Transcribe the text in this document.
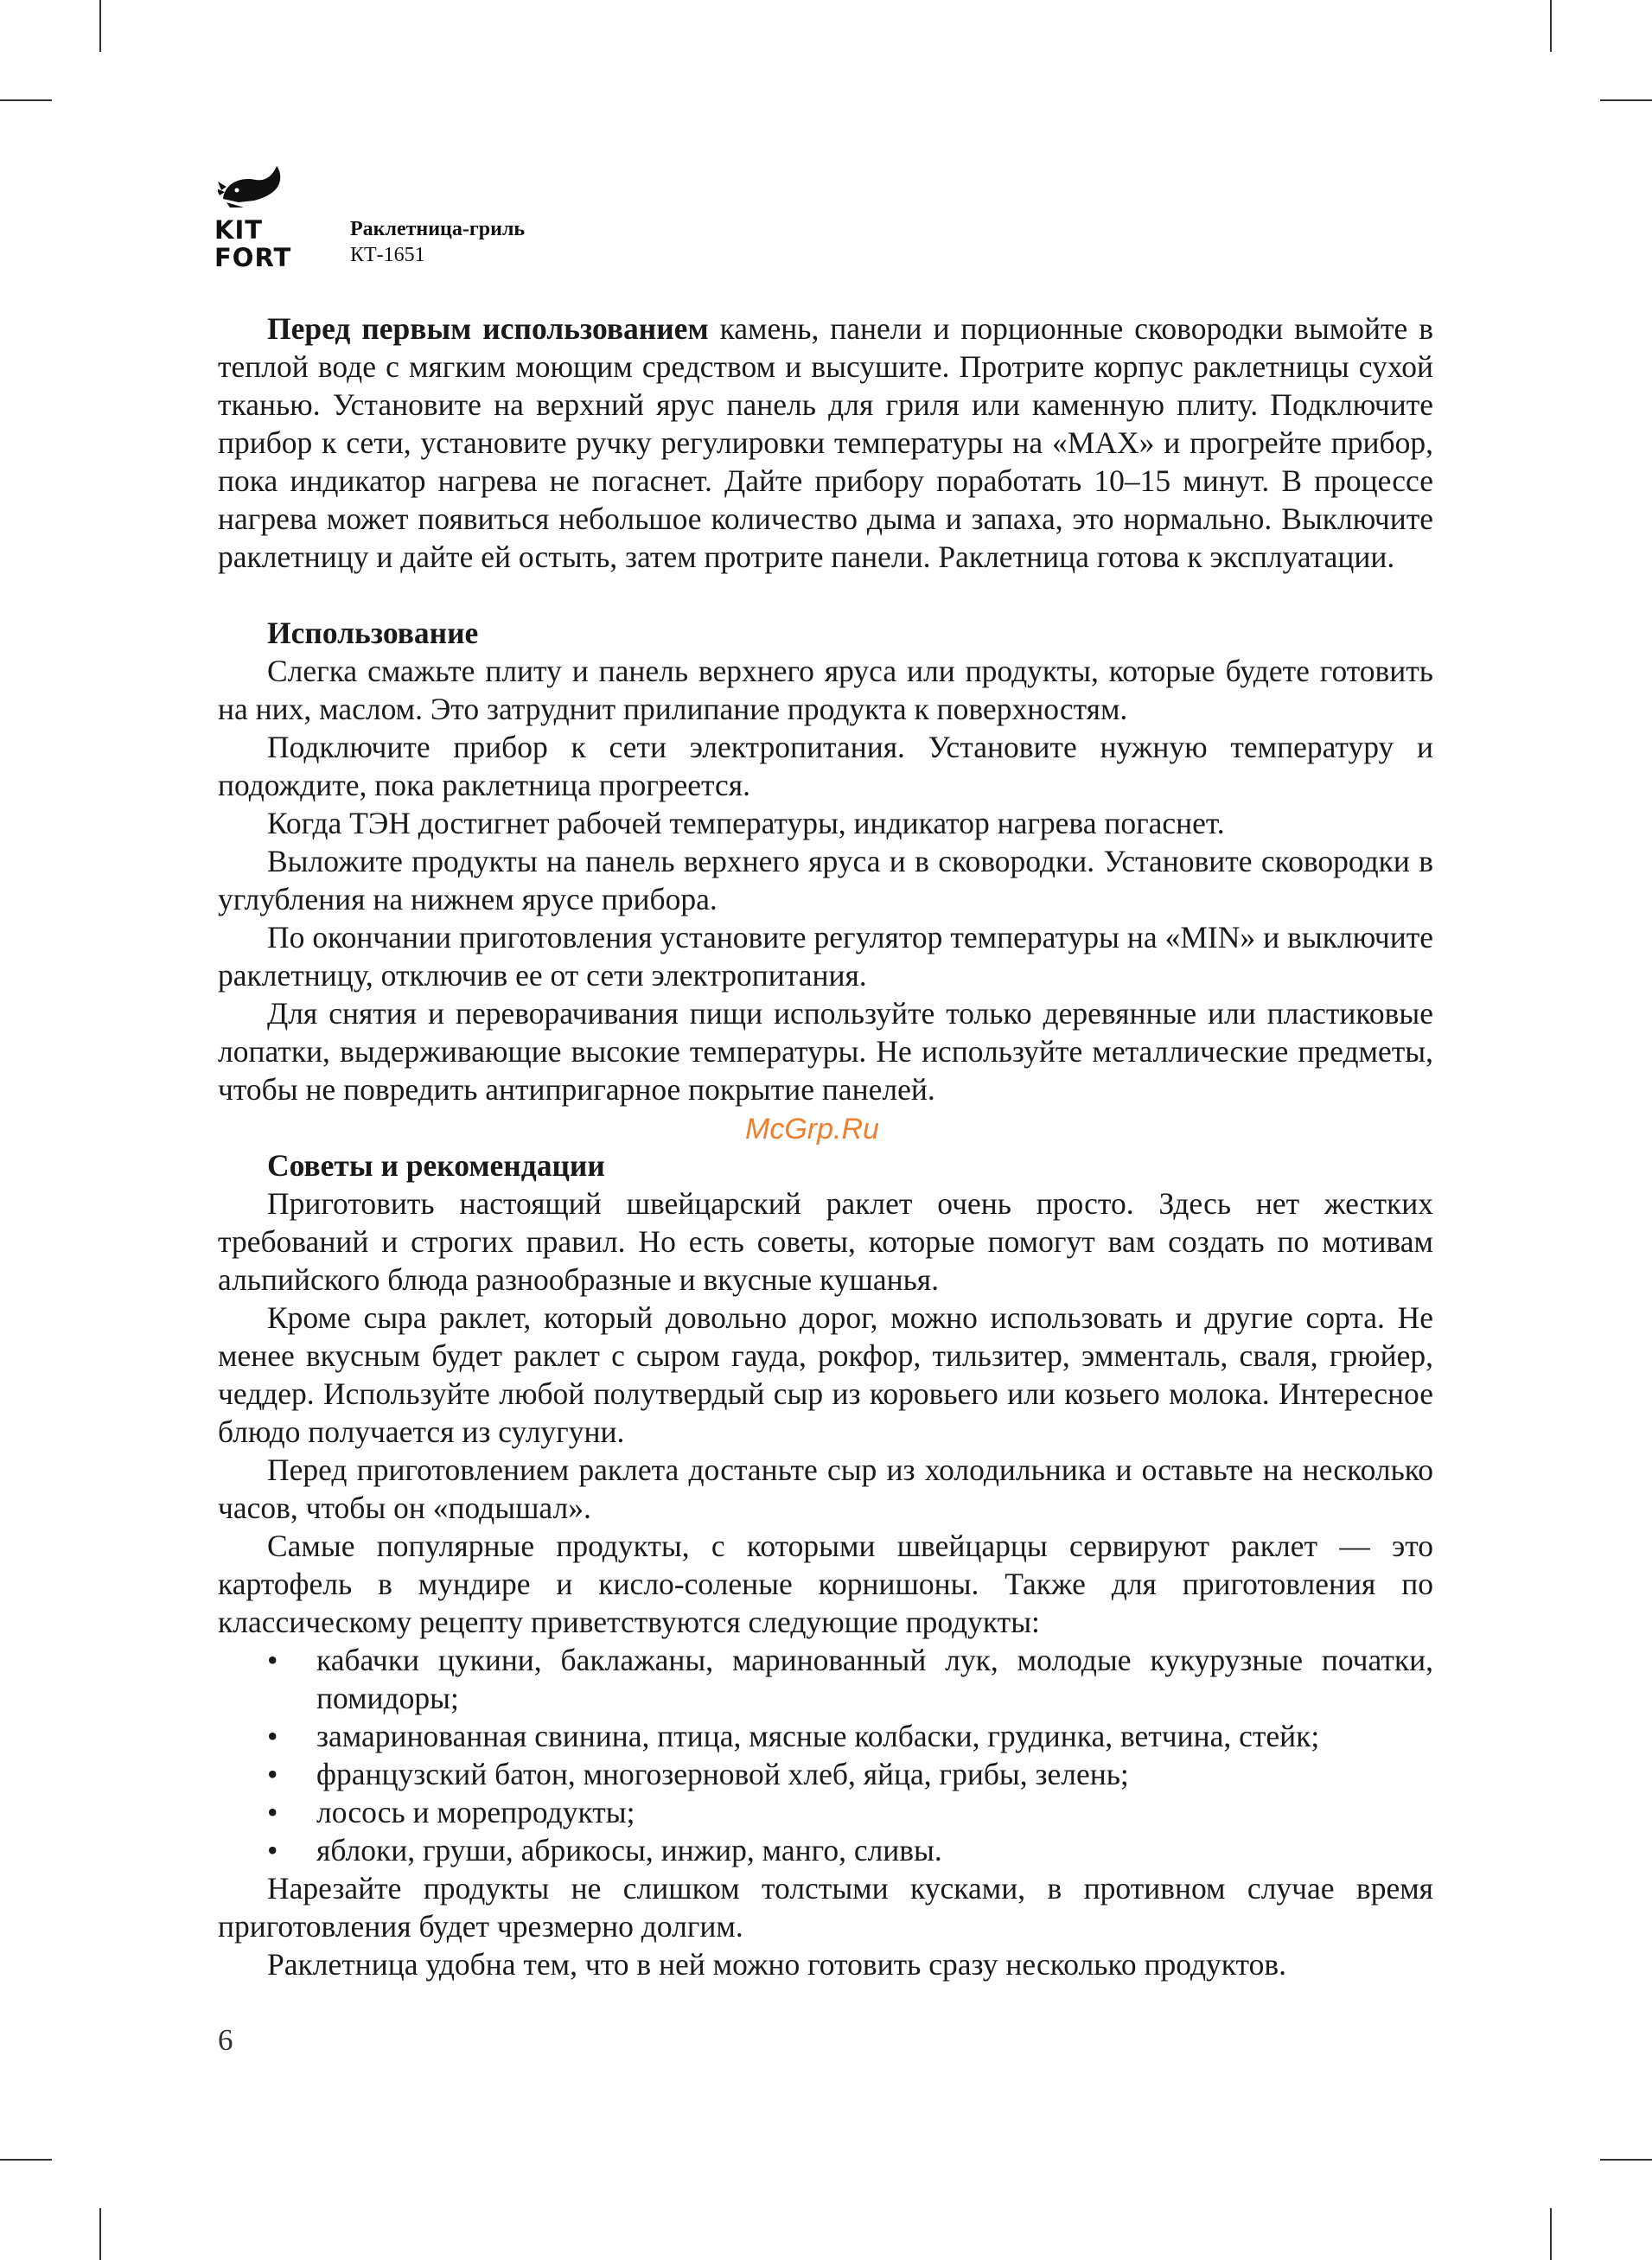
KIT
FORT
Раклетница-гриль
КТ-1651

Перед первым использованием камень, панели и порционные сковородки вымойте в теплой воде с мягким моющим средством и высушите. Протрите корпус раклетницы сухой тканью. Установите на верхний ярус панель для гриля или каменную плиту. Подключите прибор к сети, установите ручку регулировки температуры на «MAX» и прогрейте прибор, пока индикатор нагрева не погаснет. Дайте прибору поработать 10–15 минут. В процессе нагрева может появиться небольшое количество дыма и запаха, это нормально. Выключите раклетницу и дайте ей остыть, затем протрите панели. Раклетница готова к эксплуатации.

Использование

Слегка смажьте плиту и панель верхнего яруса или продукты, которые будете готовить на них, маслом. Это затруднит прилипание продукта к поверхностям.

Подключите прибор к сети электропитания. Установите нужную температуру и подождите, пока раклетница прогреется.

Когда ТЭН достигнет рабочей температуры, индикатор нагрева погаснет.

Выложите продукты на панель верхнего яруса и в сковородки. Установите сковородки в углубления на нижнем ярусе прибора.

По окончании приготовления установите регулятор температуры на «MIN» и выключите раклетницу, отключив ее от сети электропитания.

Для снятия и переворачивания пищи используйте только деревянные или пластиковые лопатки, выдерживающие высокие температуры. Не используйте металлические предметы, чтобы не повредить антипригарное покрытие панелей.

Советы и рекомендации

Приготовить настоящий швейцарский раклет очень просто. Здесь нет жестких требований и строгих правил. Но есть советы, которые помогут вам создать по мотивам альпийского блюда разнообразные и вкусные кушанья.

Кроме сыра раклет, который довольно дорог, можно использовать и другие сорта. Не менее вкусным будет раклет с сыром гауда, рокфор, тильзитер, эмменталь, сваля, грюйер, чеддер. Используйте любой полутвердый сыр из коровьего или козьего молока. Интересное блюдо получается из сулугуни.

Перед приготовлением раклета достаньте сыр из холодильника и оставьте на несколько часов, чтобы он «подышал».

Самые популярные продукты, с которыми швейцарцы сервируют раклет — это картофель в мундире и кисло-соленые корнишоны. Также для приготовления по классическому рецепту приветствуются следующие продукты:

•	кабачки цукини, баклажаны, маринованный лук, молодые кукурузные початки, помидоры;
•	замаринованная свинина, птица, мясные колбаски, грудинка, ветчина, стейк;
•	французский батон, многозерновой хлеб, яйца, грибы, зелень;
•	лосось и морепродукты;
•	яблоки, груши, абрикосы, инжир, манго, сливы.

Нарезайте продукты не слишком толстыми кусками, в противном случае время приготовления будет чрезмерно долгим.

Раклетница удобна тем, что в ней можно готовить сразу несколько продуктов.

McGrp.Ru
6
